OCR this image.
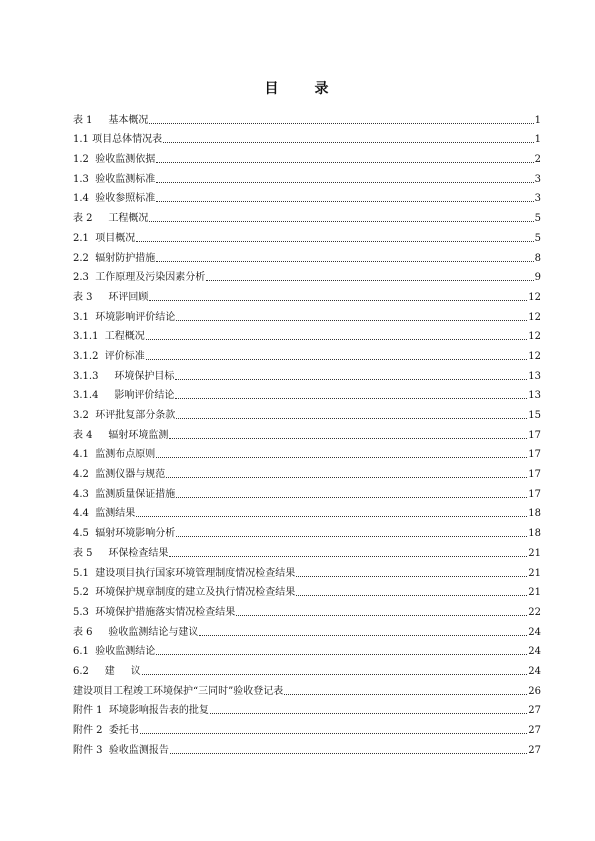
目 录
表 1     基本概况	1
1.1 项目总体情况表	1
1.2  验收监测依据	2
1.3  验收监测标准	3
1.4  验收参照标准	3
表 2     工程概况	5
2.1  项目概况	5
2.2  辐射防护措施	8
2.3  工作原理及污染因素分析	9
表 3     环评回顾	12
3.1  环境影响评价结论	12
3.1.1  工程概况	12
3.1.2  评价标准	12
3.1.3     环境保护目标	13
3.1.4     影响评价结论	13
3.2  环评批复部分条款	15
表 4     辐射环境监测	17
4.1  监测布点原则	17
4.2  监测仪器与规范	17
4.3  监测质量保证措施	17
4.4  监测结果	18
4.5  辐射环境影响分析	18
表 5     环保检查结果	21
5.1  建设项目执行国家环境管理制度情况检查结果	21
5.2  环境保护规章制度的建立及执行情况检查结果	21
5.3  环境保护措施落实情况检查结果	22
表 6     验收监测结论与建议	24
6.1  验收监测结论	24
6.2     建     议	24
建设项目工程竣工环境保护“三同时”验收登记表	26
附件 1  环境影响报告表的批复	27
附件 2  委托书	27
附件 3  验收监测报告	27
